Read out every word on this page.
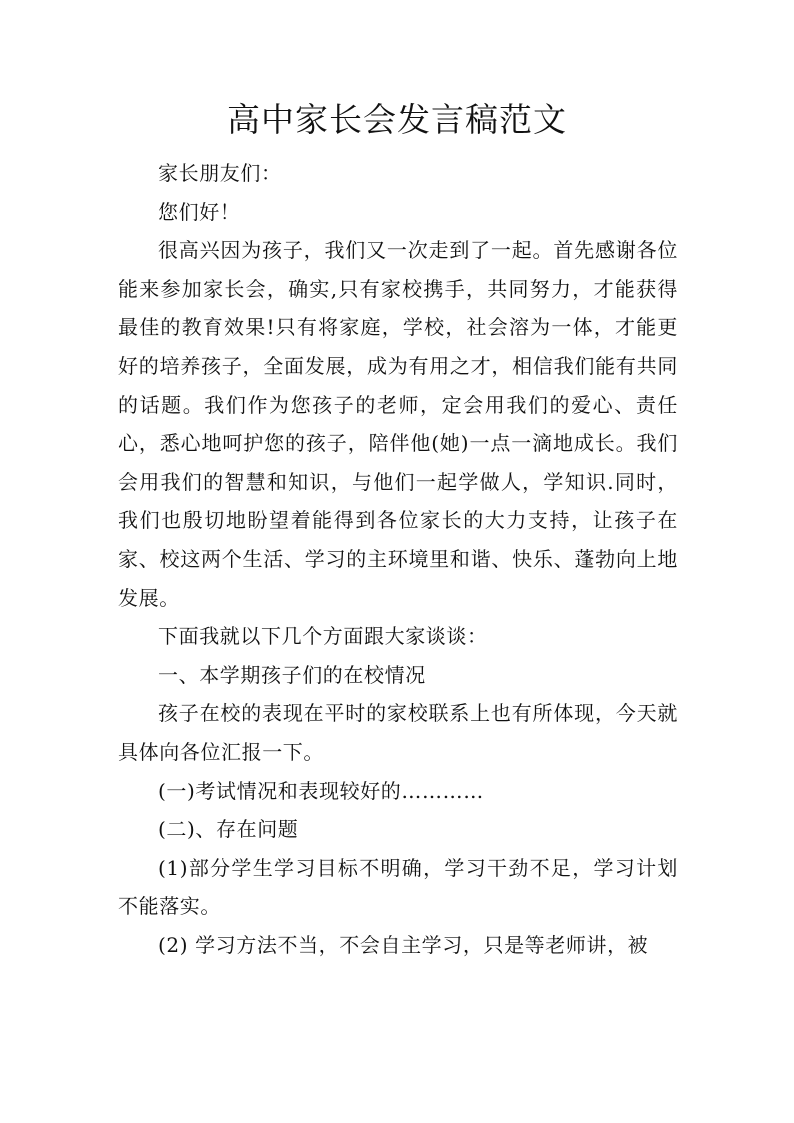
高中家长会发言稿范文

家长朋友们：

您们好！

很高兴因为孩子，我们又一次走到了一起。首先感谢各位能来参加家长会，确实,只有家校携手，共同努力，才能获得最佳的教育效果!只有将家庭，学校，社会溶为一体，才能更好的培养孩子，全面发展，成为有用之才，相信我们能有共同的话题。我们作为您孩子的老师，定会用我们的爱心、责任心，悉心地呵护您的孩子，陪伴他(她)一点一滴地成长。我们会用我们的智慧和知识，与他们一起学做人，学知识.同时，我们也殷切地盼望着能得到各位家长的大力支持，让孩子在家、校这两个生活、学习的主环境里和谐、快乐、蓬勃向上地发展。

下面我就以下几个方面跟大家谈谈：

一、本学期孩子们的在校情况

孩子在校的表现在平时的家校联系上也有所体现，今天就具体向各位汇报一下。

(一)考试情况和表现较好的…………

(二)、存在问题

(1)部分学生学习目标不明确，学习干劲不足，学习计划不能落实。

(2) 学习方法不当，不会自主学习，只是等老师讲，被
